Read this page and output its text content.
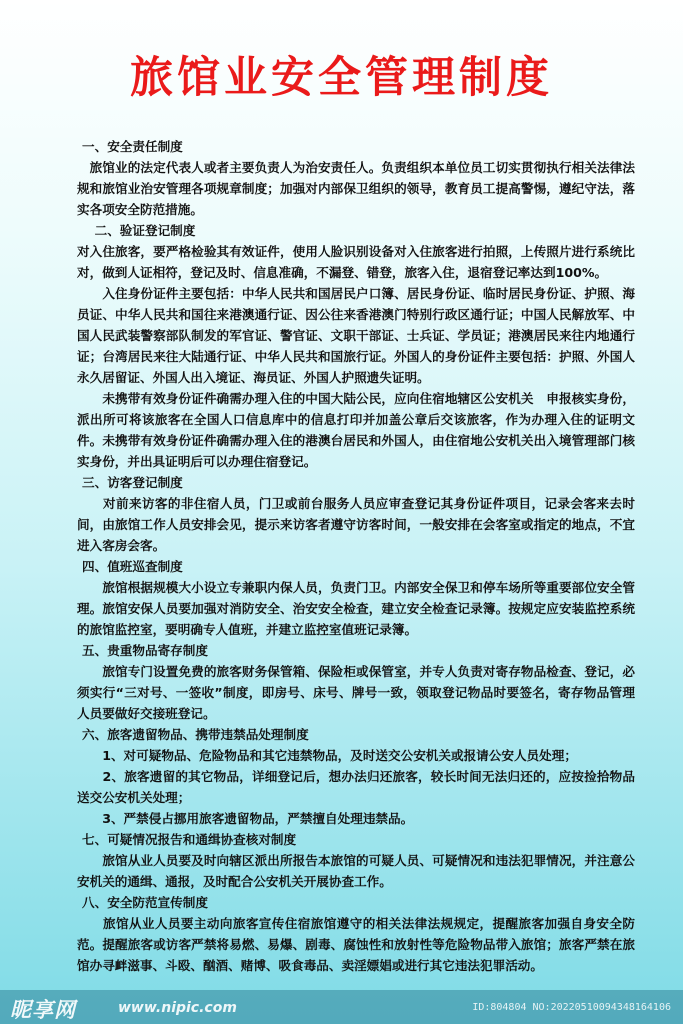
旅馆业安全管理制度
一、安全责任制度

　旅馆业的法定代表人或者主要负责人为治安责任人。负责组织本单位员工切实贯彻执行相关法律法规和旅馆业治安管理各项规章制度；加强对内部保卫组织的领导，教育员工提高警惕，遵纪守法，落实各项安全防范措施。

　二、验证登记制度

对入住旅客，要严格检验其有效证件，使用人脸识别设备对入住旅客进行拍照，上传照片进行系统比对，做到人证相符，登记及时、信息准确，不漏登、错登，旅客入住，退宿登记率达到100%。

　　入住身份证件主要包括：中华人民共和国居民户口簿、居民身份证、临时居民身份证、护照、海员证、中华人民共和国往来港澳通行证、因公往来香港澳门特别行政区通行证；中国人民解放军、中国人民武装警察部队制发的军官证、警官证、文职干部证、士兵证、学员证；港澳居民来往内地通行证；台湾居民来往大陆通行证、中华人民共和国旅行证。外国人的身份证件主要包括：护照、外国人永久居留证、外国人出入境证、海员证、外国人护照遗失证明。

　　未携带有效身份证件确需办理入住的中国大陆公民，应向住宿地辖区公安机关　申报核实身份，派出所可将该旅客在全国人口信息库中的信息打印并加盖公章后交该旅客，作为办理入住的证明文件。未携带有效身份证件确需办理入住的港澳台居民和外国人，由住宿地公安机关出入境管理部门核实身份，并出具证明后可以办理住宿登记。

三、访客登记制度

　　对前来访客的非住宿人员，门卫或前台服务人员应审查登记其身份证件项目，记录会客来去时间，由旅馆工作人员安排会见，提示来访客者遵守访客时间，一般安排在会客室或指定的地点，不宜进入客房会客。

四、值班巡查制度

　　旅馆根据规模大小设立专兼职内保人员，负责门卫。内部安全保卫和停车场所等重要部位安全管理。旅馆安保人员要加强对消防安全、治安安全检查，建立安全检查记录簿。按规定应安装监控系统的旅馆监控室，要明确专人值班，并建立监控室值班记录簿。

五、贵重物品寄存制度

　　旅馆专门设置免费的旅客财务保管箱、保险柜或保管室，并专人负责对寄存物品检查、登记，必须实行“三对号、一签收”制度，即房号、床号、牌号一致，领取登记物品时要签名，寄存物品管理人员要做好交接班登记。

六、旅客遗留物品、携带违禁品处理制度

　　1、对可疑物品、危险物品和其它违禁物品，及时送交公安机关或报请公安人员处理；

　　2、旅客遗留的其它物品，详细登记后，想办法归还旅客，较长时间无法归还的，应按捡拾物品送交公安机关处理；

　　3、严禁侵占挪用旅客遗留物品，严禁擅自处理违禁品。

七、可疑情况报告和通缉协查核对制度

　　旅馆从业人员要及时向辖区派出所报告本旅馆的可疑人员、可疑情况和违法犯罪情况，并注意公安机关的通缉、通报，及时配合公安机关开展协查工作。

八、安全防范宣传制度

　　旅馆从业人员要主动向旅客宣传住宿旅馆遵守的相关法律法规规定，提醒旅客加强自身安全防范。提醒旅客或访客严禁将易燃、易爆、剧毒、腐蚀性和放射性等危险物品带入旅馆；旅客严禁在旅馆办寻衅滋事、斗殴、酗酒、赌博、吸食毒品、卖淫嫖娼或进行其它违法犯罪活动。

昵享网	www.nipic.com	ID:804804 NO:20220510094348164106
